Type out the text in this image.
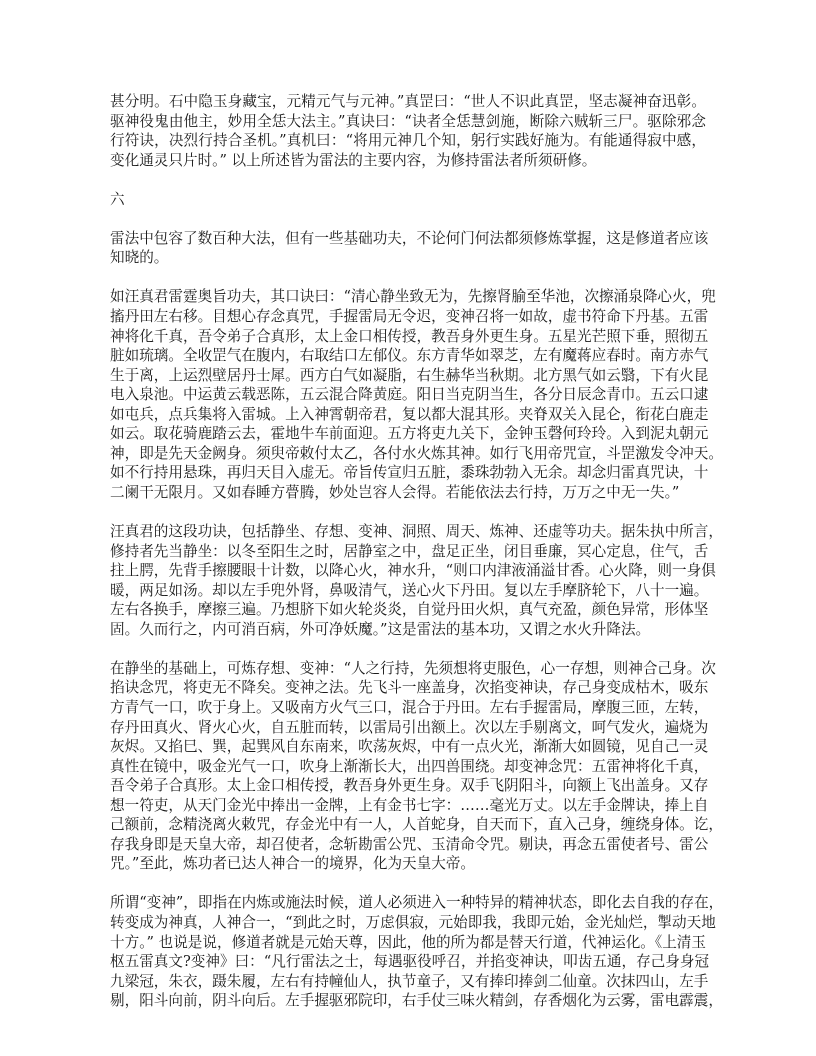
甚分明。石中隐玉身藏宝，元精元气与元神。”真罡曰：“世人不识此真罡，坚志凝神奋迅彰。
驱神役鬼由他主，妙用全恁大法主。”真诀曰：“诀者全恁慧剑施，断除六贼斩三尸。驱除邪念
行符诀，决烈行持合圣机。”真机曰：“将用元神几个知，躬行实践好施为。有能通得寂中感，
变化通灵只片时。” 以上所述皆为雷法的主要内容，为修持雷法者所须研修。
六
雷法中包容了数百种大法，但有一些基础功夫，不论何门何法都须修炼掌握，这是修道者应该
知晓的。
如汪真君雷霆奥旨功夫，其口诀曰：“清心静坐致无为，先擦肾腧至华池，次擦涌泉降心火，兜
搐丹田左右移。目想心存念真咒，手握雷局无令迟，变神召将一如故，虚书符命下丹基。五雷
神将化千真，吾令弟子合真形，太上金口相传授，教吾身外更生身。五星光芒照下垂，照彻五
脏如琉璃。全收罡气在腹内，右取结口左郁仪。东方青华如翠芝，左有魔蒋应春时。南方赤气
生于离，上运烈壁居丹士犀。西方白气如凝脂，右生赫华当秋期。北方黑气如云翳，下有火昆
电入泉池。中运黄云载恶陈，五云混合降黄庭。阳日当克阴当生，各分日辰念青巾。五云口逮
如屯兵，点兵集将入雷城。上入神霄朝帝君，复以都大混其形。夹脊双关入昆仑，衔花白鹿走
如云。取花骑鹿踏云去，霍地牛车前面迎。五方将吏九关下，金钟玉磬何玲玲。入到泥丸朝元
神，即是先天金阙身。须臾帝敕付太乙，各付水火炼其神。如行飞用帝咒宣，斗罡激发令冲天。
如不行持用悬珠，再归天目入虚无。帝旨传宣归五脏，黍珠勃勃入无余。却念归雷真咒诀，十
二阑干无限月。又如春睡方瞢腾，妙处岂容人会得。若能依法去行持，万万之中无一失。”
汪真君的这段功诀，包括静坐、存想、变神、洞照、周天、炼神、还虚等功夫。据朱执中所言，
修持者先当静坐：以冬至阳生之时，居静室之中，盘足正坐，闭目垂廉，冥心定息，住气，舌
拄上腭，先背手擦腰眼十计数，以降心火，神水升，“则口内津液涌溢甘香。心火降，则一身俱
暖，两足如汤。却以左手兜外肾，鼻吸清气，送心火下丹田。复以左手摩脐轮下，八十一遍。
左右各换手，摩擦三遍。乃想脐下如火轮炎炎，自觉丹田火炽，真气充盈，颜色异常，形体坚
固。久而行之，内可消百病，外可净妖魔。”这是雷法的基本功，又谓之水火升降法。
在静坐的基础上，可炼存想、变神：“人之行持，先须想将吏服色，心一存想，则神合己身。次
掐诀念咒，将吏无不降矣。变神之法。先飞斗一座盖身，次掐变神诀，存己身变成枯木，吸东
方青气一口，吹于身上。又吸南方火气三口，混合于丹田。左右手握雷局，摩腹三匝，左转，
存丹田真火、肾火心火，自五脏而转，以雷局引出额上。次以左手剔离文，呵气发火，遍烧为
灰烬。又掐巳、巽，起巽风自东南来，吹荡灰烬，中有一点火光，渐渐大如圆镜，见自己一灵
真性在镜中，吸金光气一口，吹身上渐渐长大，出四兽围绕。却变神念咒：五雷神将化千真，
吾令弟子合真形。太上金口相传授，教吾身外更生身。双手飞阴阳斗，向额上飞出盖身。又存
想一符吏，从天门金光中捧出一金牌，上有金书七字：……毫光万丈。以左手金牌诀，捧上自
己额前，念精浇离火敕咒，存金光中有一人，人首蛇身，自天而下，直入己身，缠绕身体。讫，
存我身即是天皇大帝，却召使者，念斩勘雷公咒、玉清命令咒。剔诀，再念五雷使者号、雷公
咒。”至此，炼功者已达人神合一的境界，化为天皇大帝。
所谓“变神”，即指在内炼或施法时候，道人必须进入一种特异的精神状态，即化去自我的存在，
转变成为神真，人神合一，“到此之时，万虑俱寂，元始即我，我即元始，金光灿烂，掣动天地
十方。” 也说是说，修道者就是元始天尊，因此，他的所为都是替天行道，代神运化。《上清玉
枢五雷真文?变神》曰：“凡行雷法之士，每遇驱役呼召，并掐变神诀，叩齿五通，存己身身冠
九梁冠，朱衣，蹑朱履，左右有持幢仙人，执节童子，又有捧印捧剑二仙童。次抹四山，左手
剔，阳斗向前，阴斗向后。左手握驱邪院印，右手仗三味火精剑，存香烟化为云雾，雷电霹震，
